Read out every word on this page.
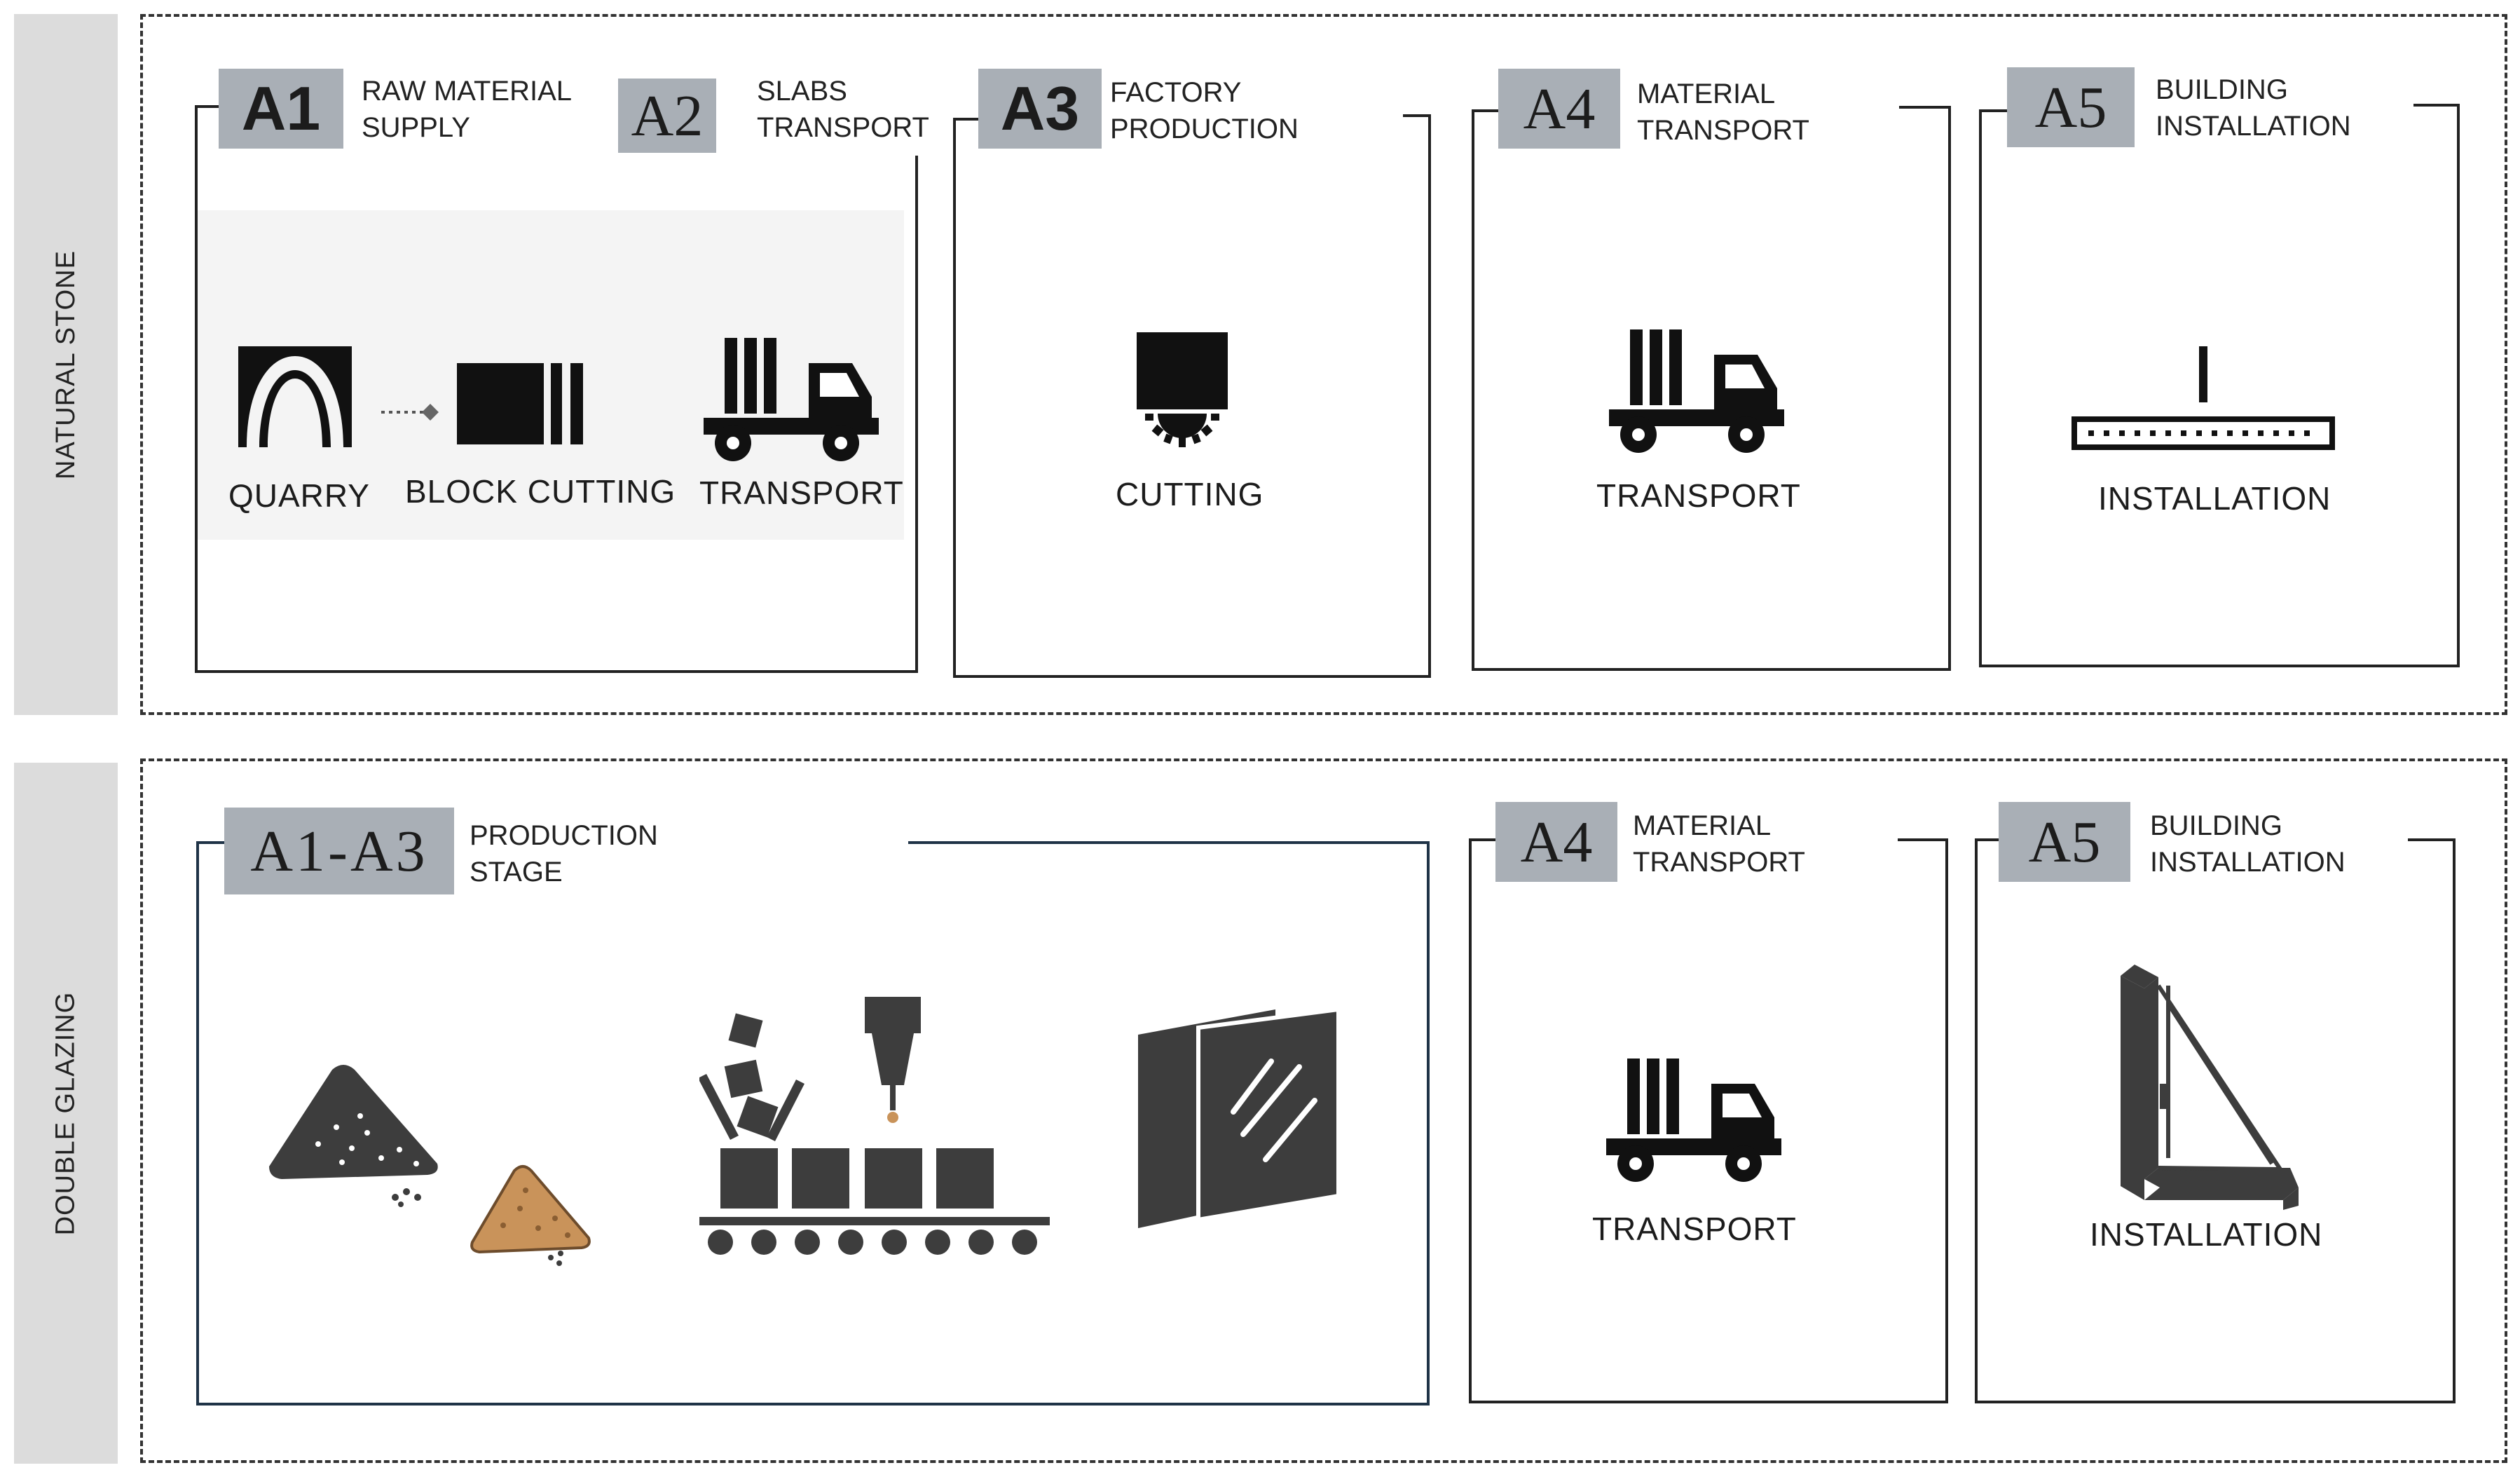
NATURAL STONE
DOUBLE GLAZING
A1	RAW MATERIAL
SUPPLY	A2	SLABS
TRANSPORT	A3	FACTORY
PRODUCTION	A4	MATERIAL
TRANSPORT	A5	BUILDING
INSTALLATION
QUARRY BLOCK CUTTING TRANSPORT	CUTTING	TRANSPORT	INSTALLATION
A1-A3	PRODUCTION
STAGE	A4	MATERIAL
TRANSPORT	A5	BUILDING
INSTALLATION
TRANSPORT	INSTALLATION
